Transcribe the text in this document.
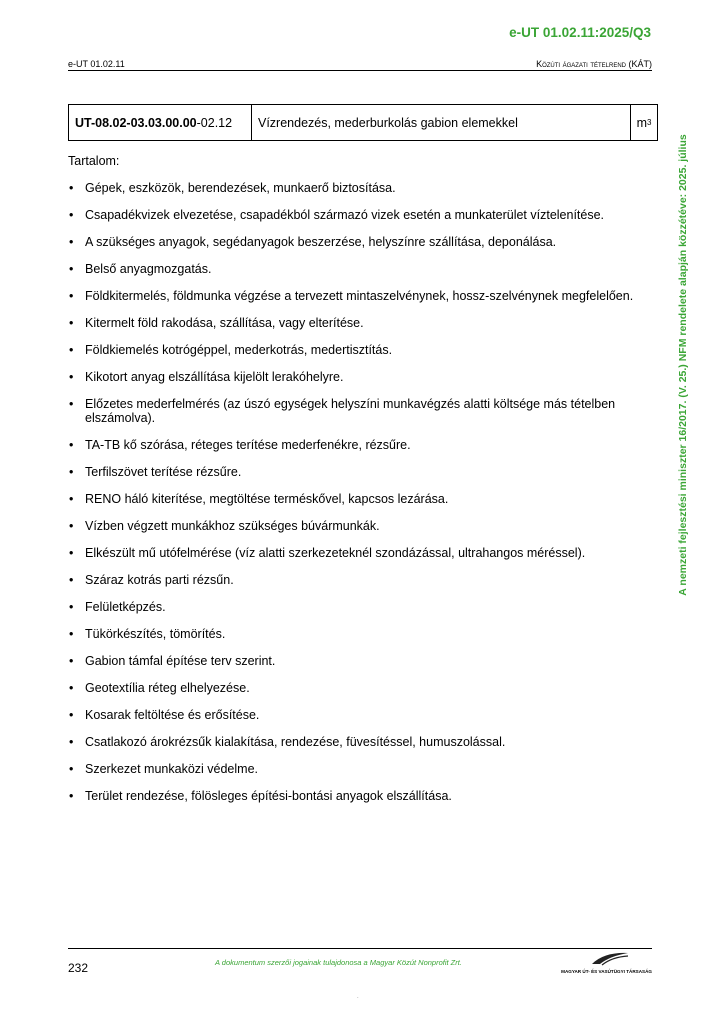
e-UT 01.02.11:2025/Q3
e-UT 01.02.11	Közúti ágazati tételrend (KÁT)
UT-08.02-03.03.00.00 -02.12	Vízrendezés, mederburkolás gabion elemekkel	m 3

Tartalom:

• Gépek, eszközök, berendezések, munkaerő biztosítása.
• Csapadékvizek elvezetése, csapadékból származó vizek esetén a munkaterület víztelenítése.
• A szükséges anyagok, segédanyagok beszerzése, helyszínre szállítása, deponálása.
• Belső anyagmozgatás.
• Földkitermelés, földmunka végzése a tervezett mintaszelvénynek, hossz-szelvénynek megfelelően.
• Kitermelt föld rakodása, szállítása, vagy elterítése.
• Földkiemelés kotrógéppel, mederkotrás, medertisztítás.
• Kikotort anyag elszállítása kijelölt lerakóhelyre.
• Előzetes mederfelmérés (az úszó egységek helyszíni munkavégzés alatti költsége más tételben elszámolva).
• TA-TB kő szórása, réteges terítése mederfenékre, rézsűre.
• Terfilszövet terítése rézsűre.
• RENO háló kiterítése, megtöltése terméskővel, kapcsos lezárása.
• Vízben végzett munkákhoz szükséges búvármunkák.
• Elkészült mű utófelmérése (víz alatti szerkezeteknél szondázással, ultrahangos méréssel).
• Száraz kotrás parti rézsűn.
• Felületképzés.
• Tükörkészítés, tömörítés.
• Gabion támfal építése terv szerint.
• Geotextília réteg elhelyezése.
• Kosarak feltöltése és erősítése.
• Csatlakozó árokrézsűk kialakítása, rendezése, füvesítéssel, humuszolással.
• Szerkezet munkaközi védelme.
• Terület rendezése, fölösleges építési-bontási anyagok elszállítása.
A nemzeti fejlesztési miniszter 16/2017. (V. 25.) NFM rendelete alapján közzétéve: 2025. július
232	A dokumentum szerzői jogainak tulajdonosa a Magyar Közút Nonprofit Zrt.
MAGYAR ÚT- ÉS VASÚTÜGYI TÁRSASÁG
.
